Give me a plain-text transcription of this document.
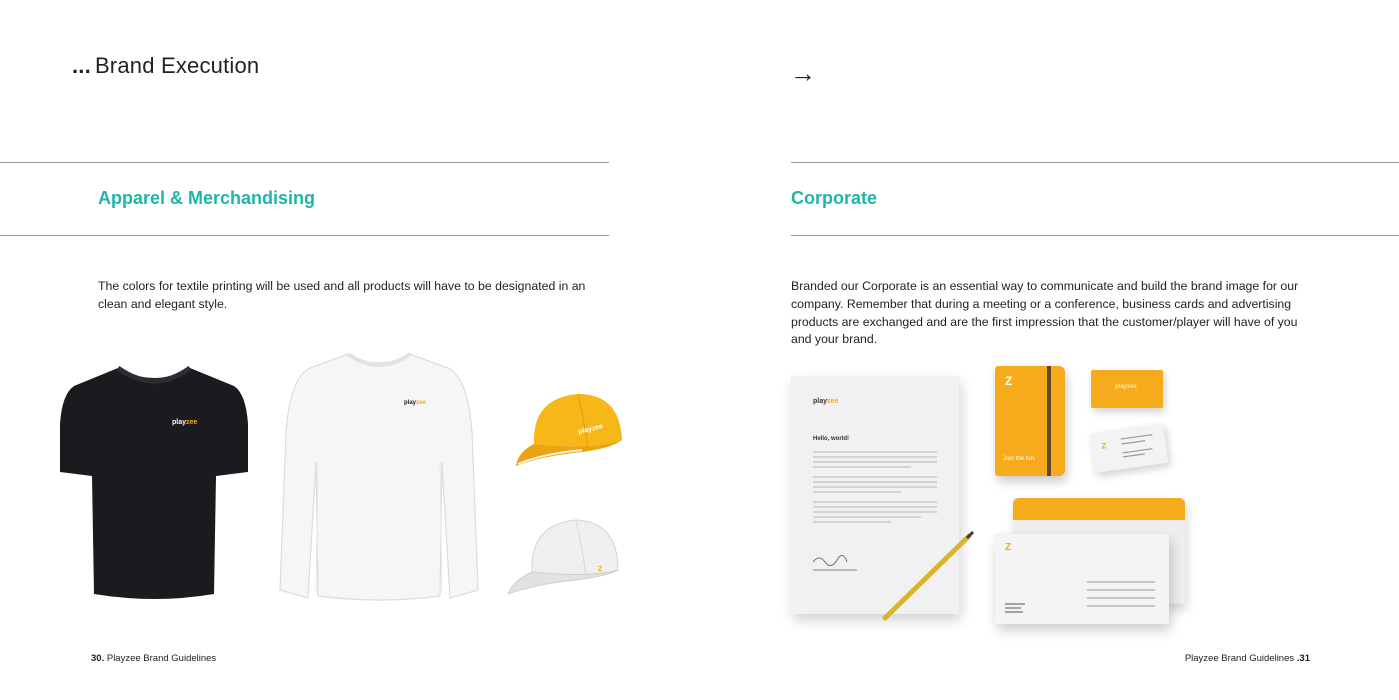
... Brand Execution
Apparel & Merchandising

The colors for textile printing will be used and all products will have to be designated in an clean and elegant style.

◦◦◦
playzee
playzee
playzee
Z
30. Playzee Brand Guidelines
→
Corporate

Branded our Corporate is an essential way to communicate and build the brand image for our company. Remember that during a meeting or a conference, business cards and advertising products are exchanged and are the first impression that the customer/player will have of you and your brand.

playzee
Hello, world!
Z
Join the fun.
playzee
Z
Z
Playzee Brand Guidelines .31
